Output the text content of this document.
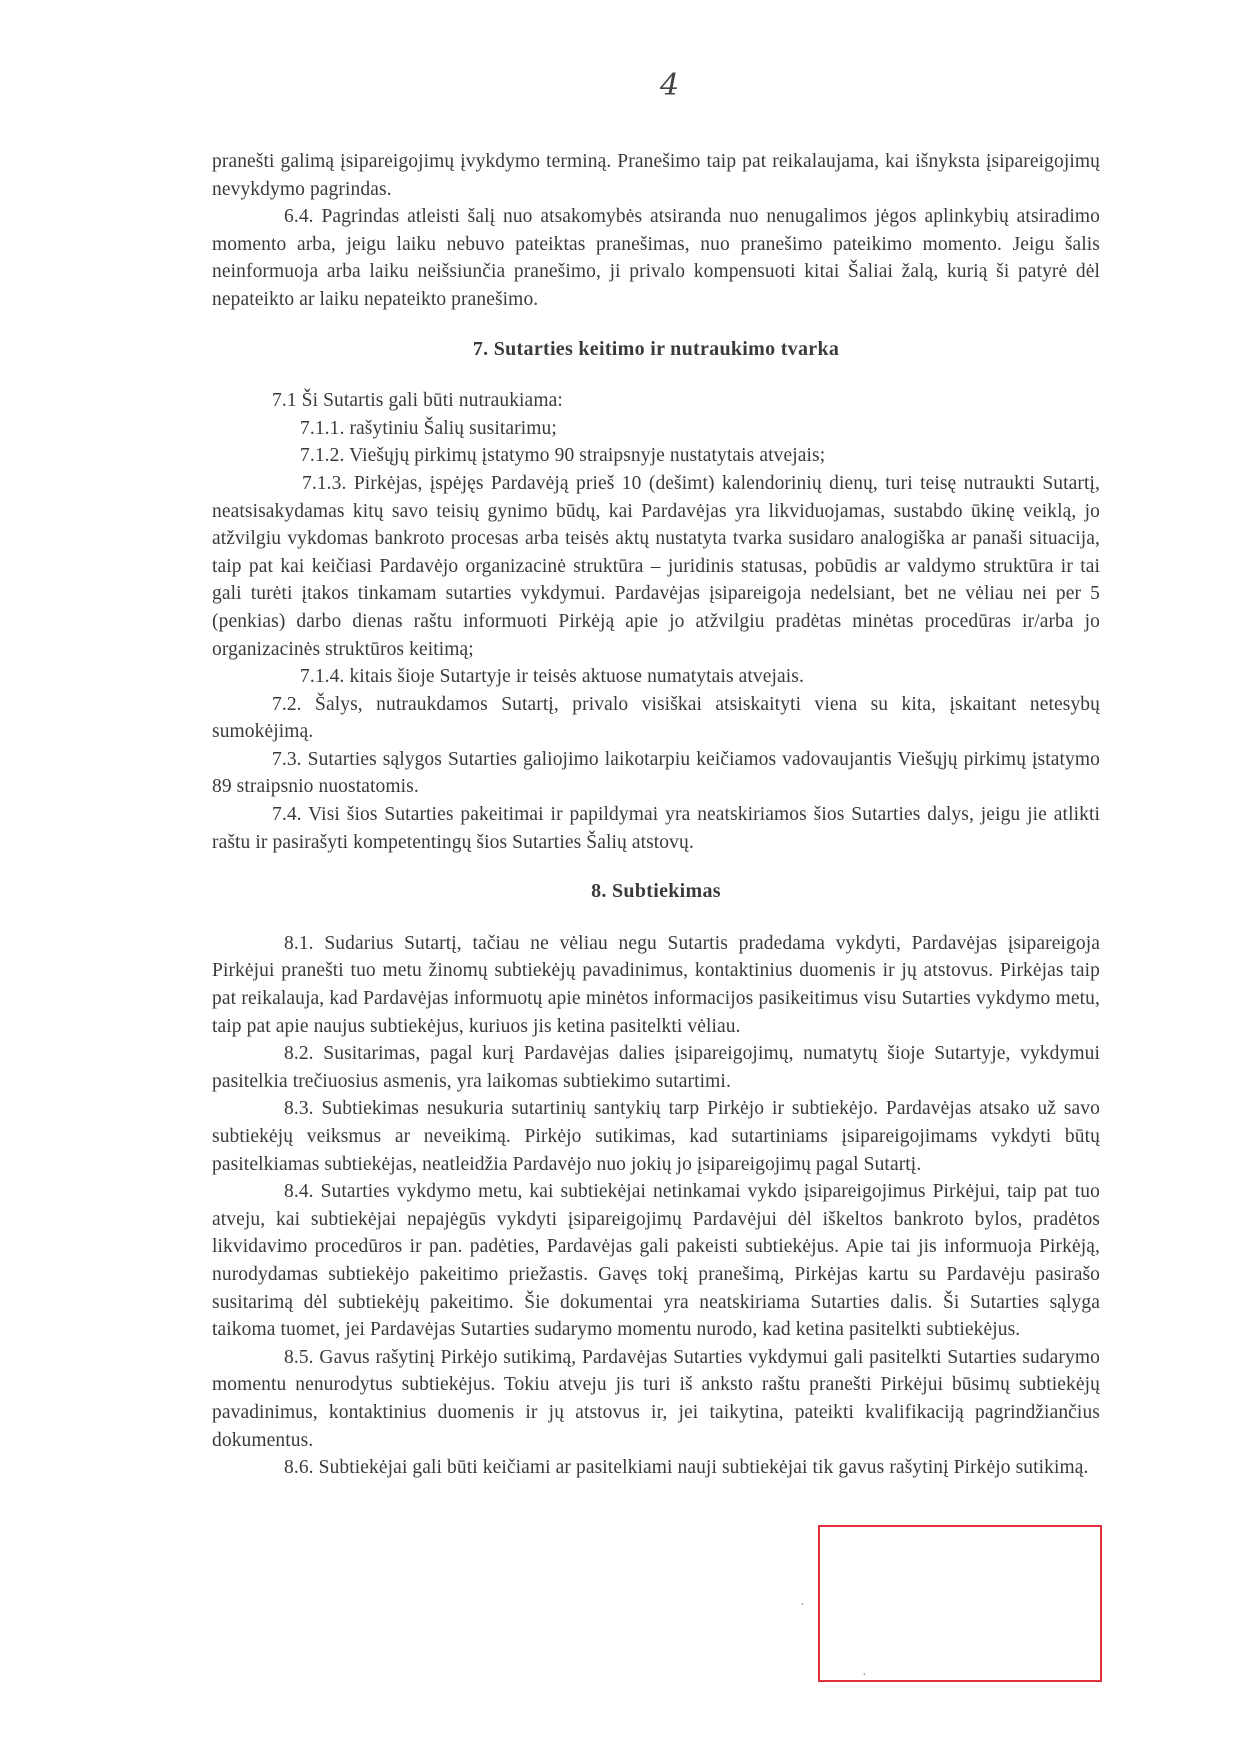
4

pranešti galimą įsipareigojimų įvykdymo terminą. Pranešimo taip pat reikalaujama, kai išnyksta įsipareigojimų nevykdymo pagrindas.

6.4. Pagrindas atleisti šalį nuo atsakomybės atsiranda nuo nenugalimos jėgos aplinkybių atsiradimo momento arba, jeigu laiku nebuvo pateiktas pranešimas, nuo pranešimo pateikimo momento. Jeigu šalis neinformuoja arba laiku neišsiunčia pranešimo, ji privalo kompensuoti kitai Šaliai žalą, kurią ši patyrė dėl nepateikto ar laiku nepateikto pranešimo.

7. Sutarties keitimo ir nutraukimo tvarka

7.1 Ši Sutartis gali būti nutraukiama:

7.1.1. rašytiniu Šalių susitarimu;

7.1.2. Viešųjų pirkimų įstatymo 90 straipsnyje nustatytais atvejais;

7.1.3. Pirkėjas, įspėjęs Pardavėją prieš 10 (dešimt) kalendorinių dienų, turi teisę nutraukti Sutartį, neatsisakydamas kitų savo teisių gynimo būdų, kai Pardavėjas yra likviduojamas, sustabdo ūkinę veiklą, jo atžvilgiu vykdomas bankroto procesas arba teisės aktų nustatyta tvarka susidaro analogiška ar panaši situacija, taip pat kai keičiasi Pardavėjo organizacinė struktūra – juridinis statusas, pobūdis ar valdymo struktūra ir tai gali turėti įtakos tinkamam sutarties vykdymui. Pardavėjas įsipareigoja nedelsiant, bet ne vėliau nei per 5 (penkias) darbo dienas raštu informuoti Pirkėją apie jo atžvilgiu pradėtas minėtas procedūras ir/arba jo organizacinės struktūros keitimą;

7.1.4. kitais šioje Sutartyje ir teisės aktuose numatytais atvejais.

7.2. Šalys, nutraukdamos Sutartį, privalo visiškai atsiskaityti viena su kita, įskaitant netesybų sumokėjimą.

7.3. Sutarties sąlygos Sutarties galiojimo laikotarpiu keičiamos vadovaujantis Viešųjų pirkimų įstatymo 89 straipsnio nuostatomis.

7.4. Visi šios Sutarties pakeitimai ir papildymai yra neatskiriamos šios Sutarties dalys, jeigu jie atlikti raštu ir pasirašyti kompetentingų šios Sutarties Šalių atstovų.

8. Subtiekimas

8.1. Sudarius Sutartį, tačiau ne vėliau negu Sutartis pradedama vykdyti, Pardavėjas įsipareigoja Pirkėjui pranešti tuo metu žinomų subtiekėjų pavadinimus, kontaktinius duomenis ir jų atstovus. Pirkėjas taip pat reikalauja, kad Pardavėjas informuotų apie minėtos informacijos pasikeitimus visu Sutarties vykdymo metu, taip pat apie naujus subtiekėjus, kuriuos jis ketina pasitelkti vėliau.

8.2. Susitarimas, pagal kurį Pardavėjas dalies įsipareigojimų, numatytų šioje Sutartyje, vykdymui pasitelkia trečiuosius asmenis, yra laikomas subtiekimo sutartimi.

8.3. Subtiekimas nesukuria sutartinių santykių tarp Pirkėjo ir subtiekėjo. Pardavėjas atsako už savo subtiekėjų veiksmus ar neveikimą. Pirkėjo sutikimas, kad sutartiniams įsipareigojimams vykdyti būtų pasitelkiamas subtiekėjas, neatleidžia Pardavėjo nuo jokių jo įsipareigojimų pagal Sutartį.

8.4. Sutarties vykdymo metu, kai subtiekėjai netinkamai vykdo įsipareigojimus Pirkėjui, taip pat tuo atveju, kai subtiekėjai nepajėgūs vykdyti įsipareigojimų Pardavėjui dėl iškeltos bankroto bylos, pradėtos likvidavimo procedūros ir pan. padėties, Pardavėjas gali pakeisti subtiekėjus. Apie tai jis informuoja Pirkėją, nurodydamas subtiekėjo pakeitimo priežastis. Gavęs tokį pranešimą, Pirkėjas kartu su Pardavėju pasirašo susitarimą dėl subtiekėjų pakeitimo. Šie dokumentai yra neatskiriama Sutarties dalis. Ši Sutarties sąlyga taikoma tuomet, jei Pardavėjas Sutarties sudarymo momentu nurodo, kad ketina pasitelkti subtiekėjus.

8.5. Gavus rašytinį Pirkėjo sutikimą, Pardavėjas Sutarties vykdymui gali pasitelkti Sutarties sudarymo momentu nenurodytus subtiekėjus. Tokiu atveju jis turi iš anksto raštu pranešti Pirkėjui būsimų subtiekėjų pavadinimus, kontaktinius duomenis ir jų atstovus ir, jei taikytina, pateikti kvalifikaciją pagrindžiančius dokumentus.

8.6. Subtiekėjai gali būti keičiami ar pasitelkiami nauji subtiekėjai tik gavus rašytinį Pirkėjo sutikimą.

·
·
